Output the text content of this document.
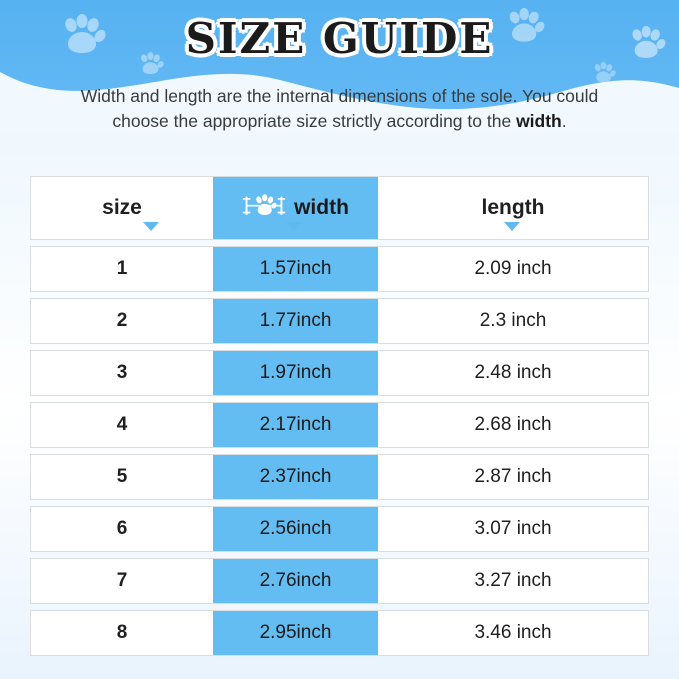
SIZE GUIDE
Width and length are the internal dimensions of the sole. You could choose the appropriate size strictly according to the width.
size	width	length
1	1.57inch	2.09 inch
2	1.77inch	2.3 inch
3	1.97inch	2.48 inch
4	2.17inch	2.68 inch
5	2.37inch	2.87 inch
6	2.56inch	3.07 inch
7	2.76inch	3.27 inch
8	2.95inch	3.46 inch
